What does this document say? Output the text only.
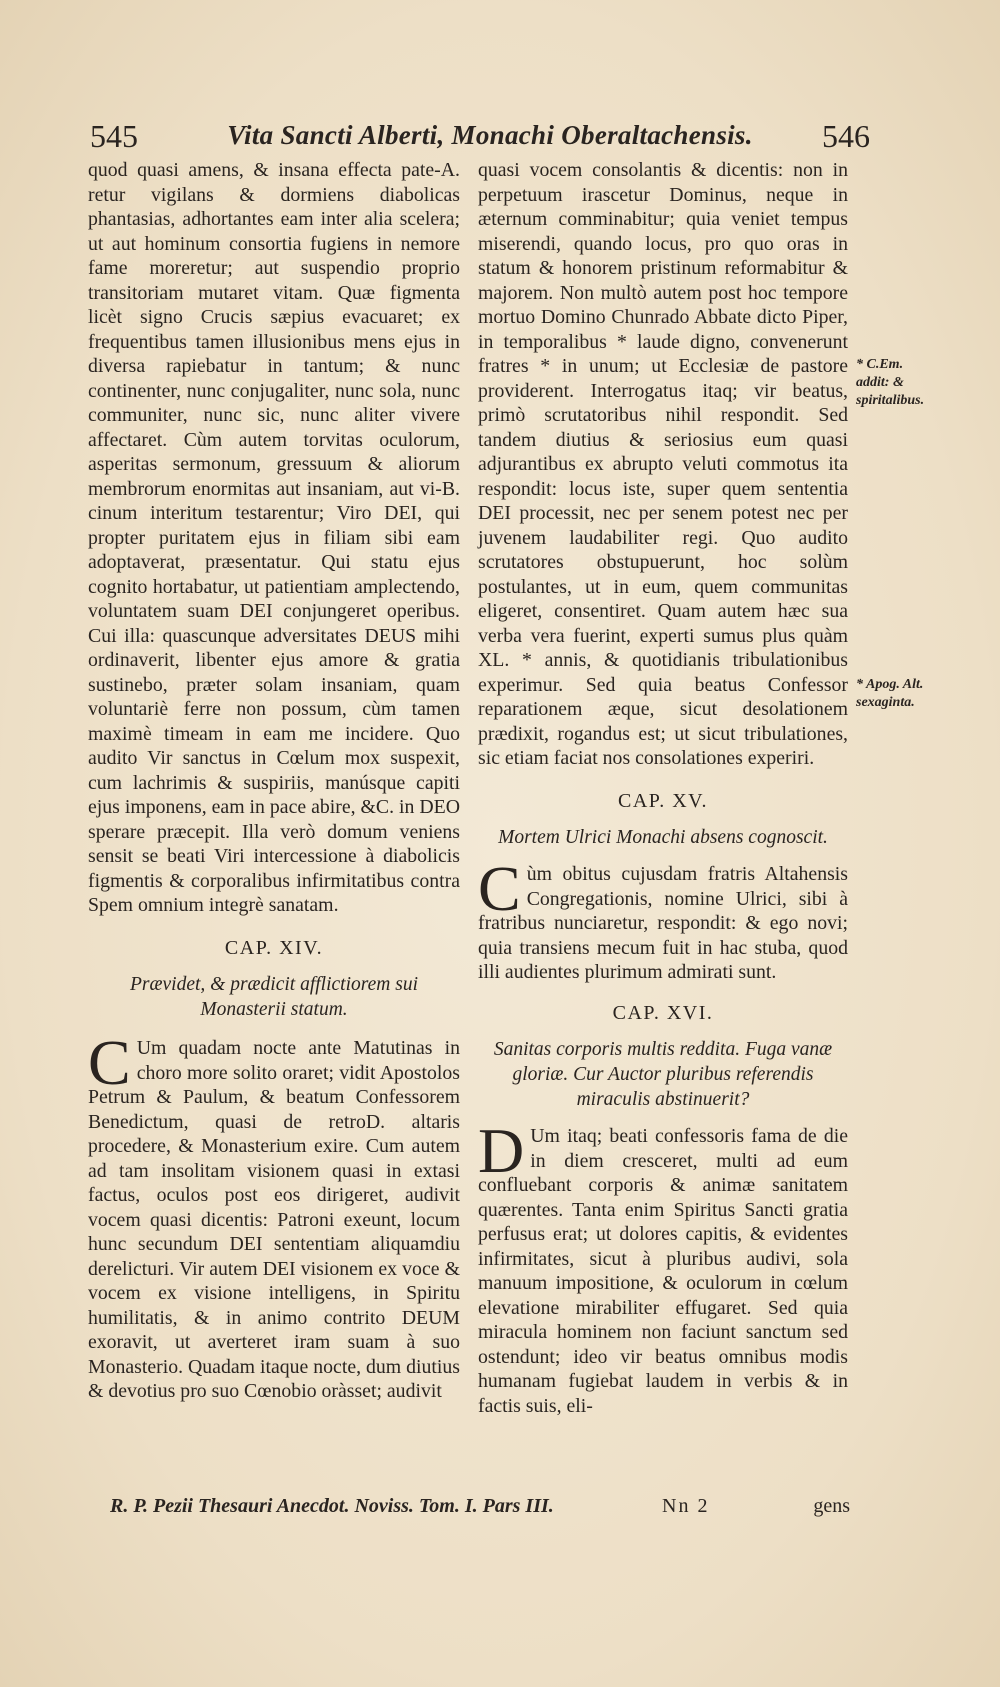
545	Vita Sancti Alberti, Monachi Oberaltachensis.	546

quod quasi amens, & insana effecta pate-A. retur vigilans & dormiens diabolicas phantasias, adhortantes eam inter alia scelera; ut aut hominum consortia fugiens in nemore fame moreretur; aut suspendio proprio transitoriam mutaret vitam. Quæ figmenta licèt signo Crucis sæpius evacuaret; ex frequentibus tamen illusionibus mens ejus in diversa rapiebatur in tantum; & nunc continenter, nunc conjugaliter, nunc sola, nunc communiter, nunc sic, nunc aliter vivere affectaret. Cùm autem torvitas oculorum, asperitas sermonum, gressuum & aliorum membrorum enormitas aut insaniam, aut vi-B. cinum interitum testarentur; Viro DEI, qui propter puritatem ejus in filiam sibi eam adoptaverat, præsentatur. Qui statu ejus cognito hortabatur, ut patientiam amplectendo, voluntatem suam DEI conjungeret operibus. Cui illa: quascunque adversitates DEUS mihi ordinaverit, libenter ejus amore & gratia sustinebo, præter solam insaniam, quam voluntariè ferre non possum, cùm tamen maximè timeam in eam me incidere. Quo audito Vir sanctus in Cœlum mox suspexit, cum lachrimis & suspiriis, manúsque capiti ejus imponens, eam in pace abire, &C. in DEO sperare præcepit. Illa verò domum veniens sensit se beati Viri intercessione à diabolicis figmentis & corporalibus infirmitatibus contra Spem omnium integrè sanatam.

CAP. XIV.

Prævidet, & prædicit afflictiorem sui Monasterii statum.

C Um quadam nocte ante Matutinas in choro more solito oraret; vidit Apostolos Petrum & Paulum, & beatum Confessorem Benedictum, quasi de retroD. altaris procedere, & Monasterium exire. Cum autem ad tam insolitam visionem quasi in extasi factus, oculos post eos dirigeret, audivit vocem quasi dicentis: Patroni exeunt, locum hunc secundum DEI sententiam aliquamdiu derelicturi. Vir autem DEI visionem ex voce & vocem ex visione intelligens, in Spiritu humilitatis, & in animo contrito DEUM exoravit, ut averteret iram suam à suo Monasterio. Quadam itaque nocte, dum diutius & devotius pro suo Cœnobio oràsset; audivit

quasi vocem consolantis & dicentis: non in perpetuum irascetur Dominus, neque in æternum comminabitur; quia veniet tempus miserendi, quando locus, pro quo oras in statum & honorem pristinum reformabitur & majorem. Non multò autem post hoc tempore mortuo Domino Chunrado Abbate dicto Piper, in temporalibus * laude digno, convenerunt fratres * in unum; ut Ecclesiæ de pastore providerent. Interrogatus itaq; vir beatus, primò scrutatoribus nihil respondit. Sed tandem diutius & seriosius eum quasi adjurantibus ex abrupto veluti commotus ita respondit: locus iste, super quem sententia DEI processit, nec per senem potest nec per juvenem laudabiliter regi. Quo audito scrutatores obstupuerunt, hoc solùm postulantes, ut in eum, quem communitas eligeret, consentiret. Quam autem hæc sua verba vera fuerint, experti sumus plus quàm XL. * annis, & quotidianis tribulationibus experimur. Sed quia beatus Confessor reparationem æque, sicut desolationem prædixit, rogandus est; ut sicut tribulationes, sic etiam faciat nos consolationes experiri.

CAP. XV.

Mortem Ulrici Monachi absens cognoscit.

Cùm obitus cujusdam fratris Altahensis Congregationis, nomine Ulrici, sibi à fratribus nunciaretur, respondit: & ego novi; quia transiens mecum fuit in hac stuba, quod illi audientes plurimum admirati sunt.

CAP. XVI.

Sanitas corporis multis reddita. Fuga vanæ gloriæ. Cur Auctor pluribus referendis miraculis abstinuerit?

D Um itaq; beati confessoris fama de die in diem cresceret, multi ad eum confluebant corporis & animæ sanitatem quærentes. Tanta enim Spiritus Sancti gratia perfusus erat; ut dolores capitis, & evidentes infirmitates, sicut à pluribus audivi, sola manuum impositione, & oculorum in cœlum elevatione mirabiliter effugaret. Sed quia miracula hominem non faciunt sanctum sed ostendunt; ideo vir beatus omnibus modis humanam fugiebat laudem in verbis & in factis suis, eli-

* C.Em. addit: & spiritalibus.
* Apog. Alt. sexaginta.
R. P. Pezii Thesauri Anecdot. Noviss. Tom. I. Pars III.	Nn 2	gens
